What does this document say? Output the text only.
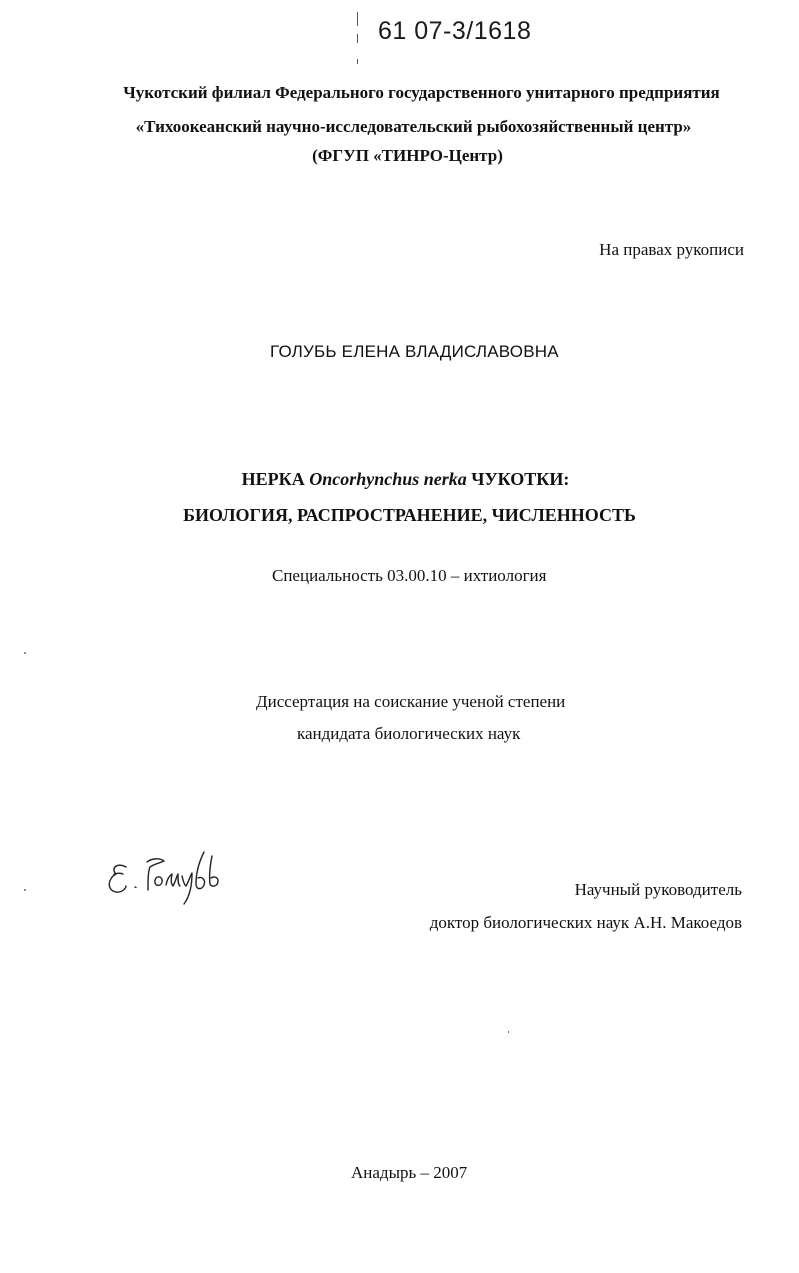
61 07-3/1618
Чукотский филиал Федерального государственного унитарного предприятия
«Тихоокеанский научно-исследовательский рыбохозяйственный центр»
(ФГУП «ТИНРО-Центр)
На правах рукописи
ГОЛУБЬ ЕЛЕНА ВЛАДИСЛАВОВНА
НЕРКА Oncorhynchus nerka ЧУКОТКИ:
БИОЛОГИЯ, РАСПРОСТРАНЕНИЕ, ЧИСЛЕННОСТЬ
Специальность 03.00.10 – ихтиология
Диссертация на соискание ученой степени
кандидата биологических наук
Научный руководитель
доктор биологических наук А.Н. Макоедов
Анадырь – 2007
